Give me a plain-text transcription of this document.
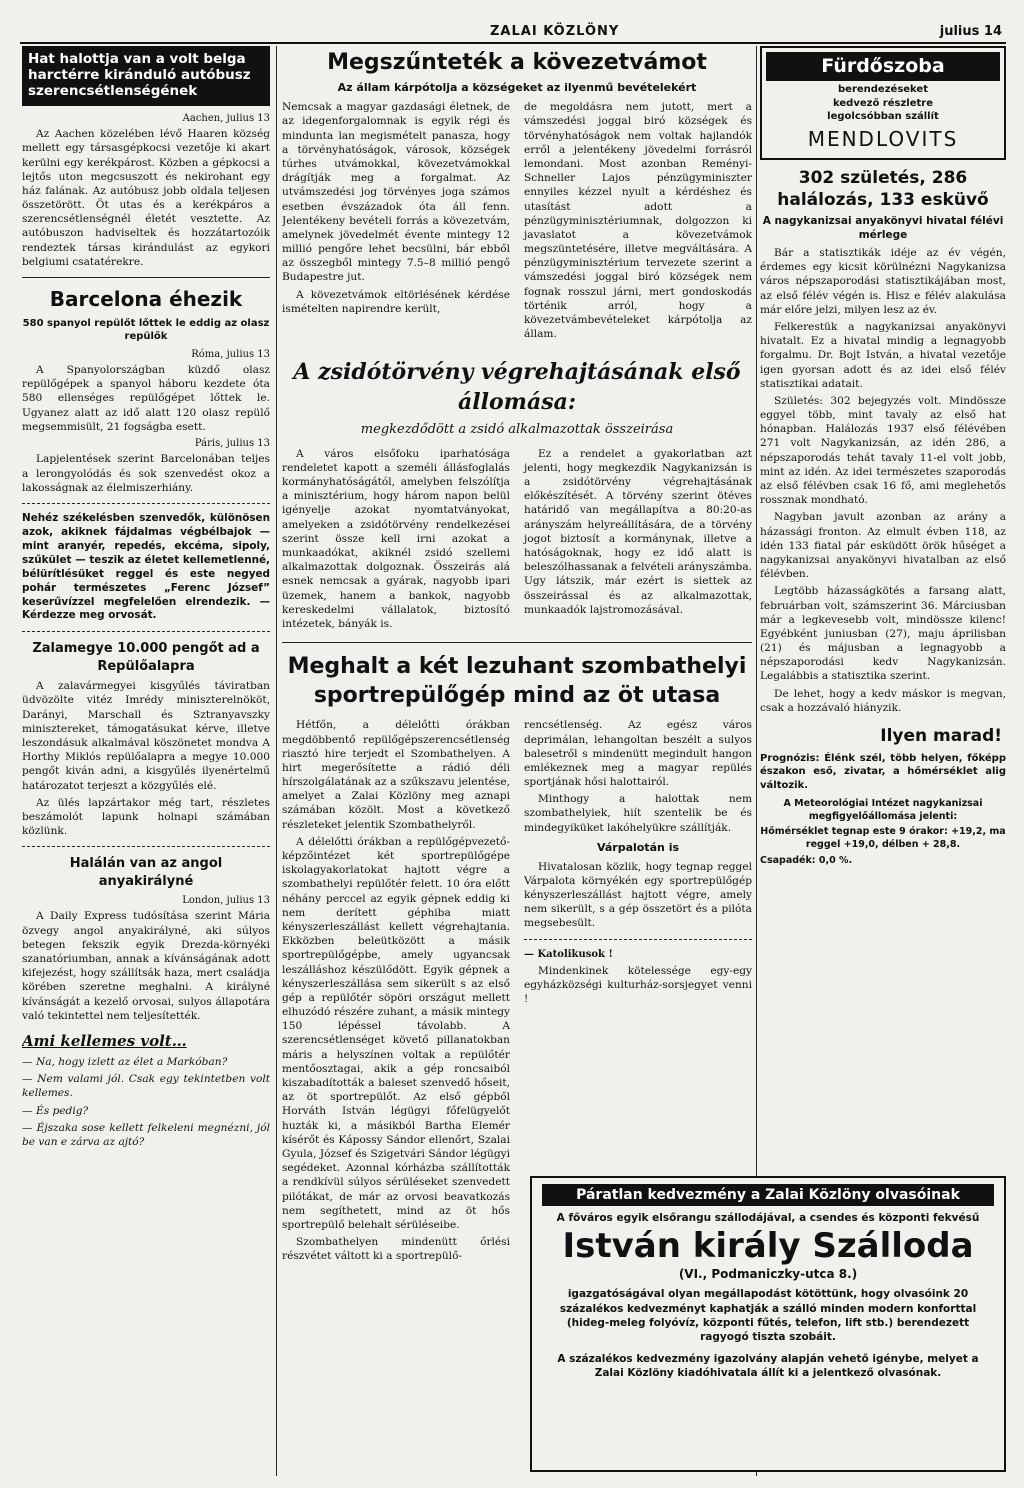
ZALAI KÖZLÖNY	julius 14
Hat halottja van a volt belga harctérre kiránduló autóbusz szerencsétlenségének

Aachen, julius 13

Az Aachen közelében lévő Haaren község mellett egy társasgépkocsi vezetője ki akart kerülni egy kerékpárost. Közben a gépkocsi a lejtős uton megcsuszott és nekirohant egy ház falának. Az autóbusz jobb oldala teljesen összetörött. Öt utas és a kerékpáros a szerencsétlenségnél életét vesztette. Az autóbuszon hadviseltek és hozzátartozóik rendeztek társas kirándulást az egykori belgiumi csatatérekre.

Barcelona éhezik
580 spanyol repülőt lőttek le eddig az olasz repülők

Róma, julius 13

A Spanyolországban küzdő olasz repülőgépek a spanyol háboru kezdete óta 580 ellenséges repülőgépet lőttek le. Ugyanez alatt az idő alatt 120 olasz repülő megsemmisült, 21 fogságba esett.

Páris, julius 13

Lapjelentések szerint Barcelonában teljes a lerongyolódás és sok szenvedést okoz a lakosságnak az élelmiszerhiány.

Nehéz székelésben szenvedők, különösen azok, akiknek fájdalmas végbélbajok — mint aranyér, repedés, ekcéma, sipoly, szűkület — teszik az életet kellemetlenné, bélürítlésüket reggel és este negyed pohár természetes „Ferenc József” keserűvízzel megfelelően elrendezik. — Kérdezze meg orvosát.
Zalamegye 10.000 pengőt ad a Repülőalapra

A zalavármegyei kisgyűlés táviratban üdvözölte vitéz Imrédy miniszterelnököt, Darányi, Marschall és Sztranyavszky minisztereket, támogatásukat kérve, illetve leszondásuk alkalmával köszönetet mondva A Horthy Miklós repülőalapra a megye 10.000 pengőt kiván adni, a kisgyűlés ilyenértelmű határozatot terjeszt a közgyűlés elé.

Az ülés lapzártakor még tart, részletes beszámolót lapunk holnapi számában közlünk.

Halálán van az angol anyakirályné

London, julius 13

A Daily Express tudósítása szerint Mária özvegy angol anyakirályné, aki súlyos betegen fekszik egyik Drezda-környéki szanatóriumban, annak a kívánságának adott kifejezést, hogy szállítsák haza, mert családja körében szeretne meghalni. A királyné kívánságát a kezelő orvosai, sulyos állapotára való tekintettel nem teljesítették.

Ami kellemes volt…

— Na, hogy izlett az élet a Markóban?

— Nem valami jól. Csak egy tekintetben volt kellemes.

— És pedig?

— Éjszaka sose kellett felkeleni megnézni, jól be van e zárva az ajtó?

Megszűnteték a kövezetvámot
Az állam kárpótolja a községeket az ilyenmű bevételekért

Nemcsak a magyar gazdasági életnek, de az idegenforgalomnak is egyik régi és mindunta lan megismételt panasza, hogy a törvényhatóságok, városok, községek túrhes utvámokkal, kövezetvámokkal drágítják meg a forgalmat. Az utvámszedési jog törvényes joga számos esetben évszázadok óta áll fenn. Jelentékeny bevételi forrás a kövezetvám, amelynek jövedelmét évente mintegy 12 millió pengőre lehet becsülni, bár ebből az összegből mintegy 7.5–8 millió pengő Budapestre jut.

A kövezetvámok eltörlésének kérdése ismételten napirendre került,

de megoldásra nem jutott, mert a vámszedési joggal biró községek és törvényhatóságok nem voltak hajlandók erről a jelentékeny jövedelmi forrásról lemondani. Most azonban Reményi-Schneller Lajos pénzügyminiszter ennyiles kézzel nyult a kérdéshez és utasítást adott a pénzügyminisztériumnak, dolgozzon ki javaslatot a kövezetvámok megszüntetésére, illetve megváltására. A pénzügyminisztérium tervezete szerint a vámszedési joggal biró községek nem fognak rosszul járni, mert gondoskodás történik arról, hogy a kövezetvámbevételeket kárpótolja az állam.

A zsidótörvény végrehajtásának első állomása:
megkezdődött a zsidó alkalmazottak összeirása

A város elsőfoku iparhatósága rendeletet kapott a személi állásfoglalás kormányhatóságától, amelyben felszólítja a minisztérium, hogy három napon belül igényelje azokat nyomtatványokat, amelyeken a zsidótörvény rendelkezései szerint össze kell irni azokat a munkaadókat, akiknél zsidó szellemi alkalmazottak dolgoznak. Összeirás alá esnek nemcsak a gyárak, nagyobb ipari üzemek, hanem a bankok, nagyobb kereskedelmi vállalatok, biztosító intézetek, bányák is.

Ez a rendelet a gyakorlatban azt jelenti, hogy megkezdik Nagykanizsán is a zsidótörvény végrehajtásának előkészítését. A törvény szerint ötéves határidő van megállapítva a 80:20-as arányszám helyreállítására, de a törvény jogot biztosít a kormánynak, illetve a hatóságoknak, hogy ez idő alatt is beleszólhassanak a felvételi arányszámba. Ugy látszik, már ezért is siettek az összeirással és az alkalmazottak, munkaadók lajstromozásával.

Meghalt a két lezuhant szombathelyi sportrepülőgép mind az öt utasa

Hétfőn, a délelőtti órákban megdöbbentő repülőgépszerencsétlenség riasztó hire terjedt el Szombathelyen. A hirt megerősítette a rádió déli hírszolgálatának az a szűkszavu jelentése, amelyet a Zalai Közlöny meg aznapi számában közölt. Most a következő részleteket jelentik Szombathelyről.

A délelőtti órákban a repülőgépvezető-képzőintézet két sportrepülőgépe iskolagyakorlatokat hajtott végre a szombathelyi repülőtér felett. 10 óra előtt néhány perccel az egyik gépnek eddig ki nem derített géphiba miatt kényszerleszállást kellett végrehajtania. Ekközben beleütközött a másik sportrepülőgépbe, amely ugyancsak leszálláshoz készülődött. Egyik gépnek a kényszerleszállása sem sikerült s az első gép a repülőtér söpöri országut mellett elhuzódó részére zuhant, a másik mintegy 150 lépéssel távolabb. A szerencsétlenséget követő pillanatokban máris a helyszínen voltak a repülőtér mentőosztagai, akik a gép roncsaiból kiszabadították a baleset szenvedő hőseit, az öt sportrepülőt. Az első gépből Horváth István légügyi főfelügyelőt huzták ki, a másikból Bartha Elemér kísérőt és Kápossy Sándor ellenőrt, Szalai Gyula, József és Szigetvári Sándor légügyi segédeket. Azonnal kórházba szállították a rendkívül súlyos sérüléseket szenvedett pilótákat, de már az orvosi beavatkozás nem segíthetett, mind az öt hős sportrepülő belehalt sérüléseibe.

Szombathelyen mindenütt őrlési részvétet váltott ki a sportrepülő-

rencsétlenség. Az egész város deprimálan, lehangoltan beszélt a sulyos balesetről s mindenütt megindult hangon emlékeznek meg a magyar repülés sportjának hősi halottairól.

Minthogy a halottak nem szombathelyiek, hiít szentelik be és mindegyiküket lakóhelyükre szállítják.

Várpalotán is

Hivatalosan közlik, hogy tegnap reggel Várpalota környékén egy sportrepülőgép kényszerleszállást hajtott végre, amely nem sikerült, s a gép összetört és a pilóta megsebesült.

— Katolikusok !

Mindenkinek kötelessége egy-egy egyházközségi kulturház-sorsjegyet venni !

Fürdőszoba
berendezéseket
kedvező részletre
legolcsóbban szállít
MENDLOVITS
302 születés, 286 halálozás, 133 esküvő
A nagykanizsai anyakönyvi hivatal félévi mérlege

Bár a statisztikák idéje az év végén, érdemes egy kicsit körülnézni Nagykanizsa város népszaporodási statisztikájában most, az első félév végén is. Hisz e félév alakulása már előre jelzi, milyen lesz az év.

Felkerestük a nagykanizsai anyakönyvi hivatalt. Ez a hivatal mindig a legnagyobb forgalmu. Dr. Bojt István, a hivatal vezetője igen gyorsan adott és az idei első félév statisztikai adatait.

Születés: 302 bejegyzés volt. Mindössze eggyel több, mint tavaly az első hat hónapban. Halálozás 1937 első félévében 271 volt Nagykanizsán, az idén 286, a népszaporodás tehát tavaly 11-el volt jobb, mint az idén. Az idei természetes szaporodás az első félévben csak 16 fő, ami meglehetős rossznak mondható.

Nagyban javult azonban az arány a házassági fronton. Az elmult évben 118, az idén 133 fiatal pár esküdött örök hűséget a nagykanizsai anyakönyvi hivatalban az első félévben.

Legtöbb házasságkötés a farsang alatt, februárban volt, számszerint 36. Márciusban már a legkevesebb volt, mindössze kilenc! Egyébként juniusban (27), maju áprilisban (21) és májusban a legnagyobb a népszaporodási kedv Nagykanizsán. Legalábbis a statisztika szerint.

De lehet, hogy a kedv máskor is megvan, csak a hozzávaló hiányzik.

Ilyen marad!

Prognózis: Élénk szél, több helyen, főképp északon eső, zivatar, a hőmérséklet alig változik.

A Meteorológiai Intézet nagykanizsai megfigyelőállomása jelenti:

Hőmérséklet tegnap este 9 órakor: +19,2, ma reggel +19,0, délben + 28,8.

Csapadék: 0,0 %.

Páratlan kedvezmény a Zalai Közlöny olvasóinak
A főváros egyik elsőrangu szállodájával, a csendes és központi fekvésű
István király Szálloda
(VI., Podmaniczky-utca 8.)
igazgatóságával olyan megállapodást kötöttünk, hogy olvasóink 20 százalékos kedvezményt kaphatják a szálló minden modern konforttal (hideg-meleg folyóvíz, központi fűtés, telefon, lift stb.) berendezett ragyogó tiszta szobáit.
A százalékos kedvezmény igazolvány alapján vehető igénybe, melyet a Zalai Közlöny kiadóhivatala állít ki a jelentkező olvasónak.
